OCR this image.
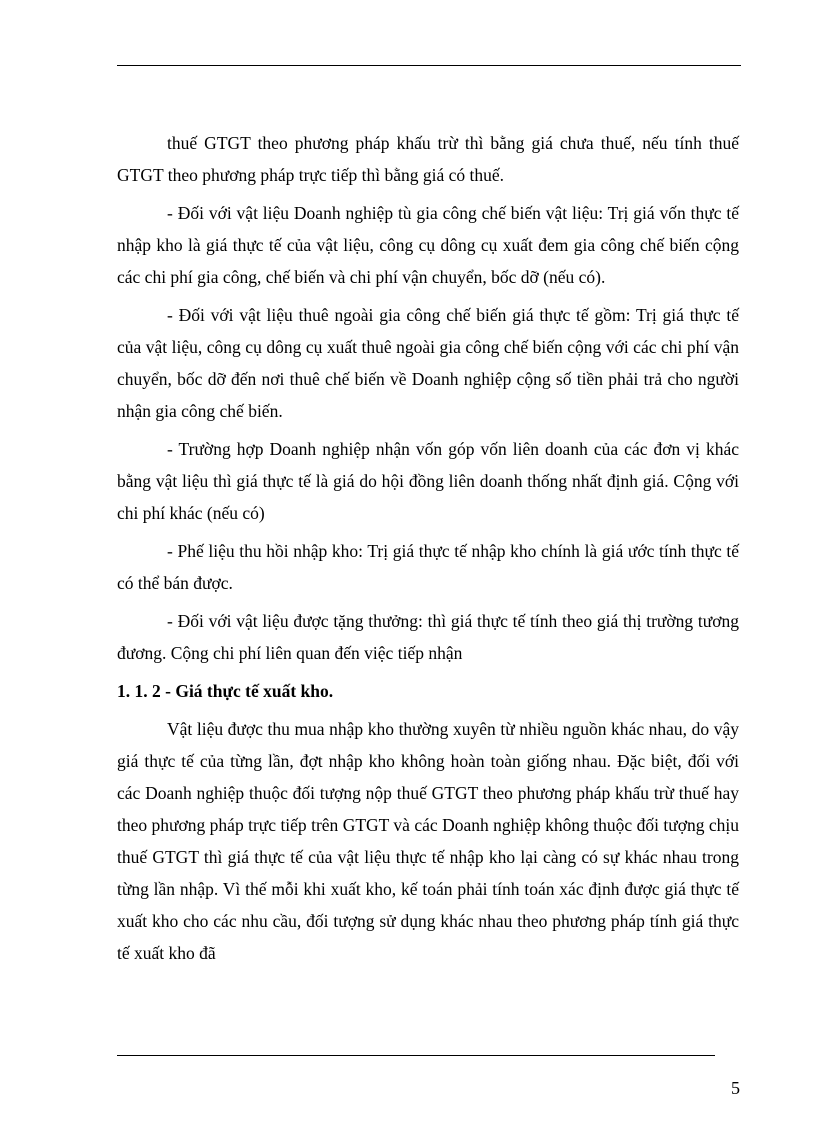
thuế GTGT theo phương pháp khấu trừ thì bằng giá chưa thuế, nếu tính thuế GTGT theo phương pháp trực tiếp thì bằng giá có thuế.

- Đối với vật liệu Doanh nghiệp tù gia công chế biến vật liệu: Trị giá vốn thực tế nhập kho là giá thực tế của vật liệu, công cụ dông cụ xuất đem gia công chế biến cộng các chi phí gia công, chế biến và chi phí vận chuyển, bốc dỡ (nếu có).

- Đối với vật liệu thuê ngoài gia công chế biến giá thực tế gồm: Trị giá thực tế của vật liệu, công cụ dông cụ xuất thuê ngoài gia công chế biến cộng với các chi phí vận chuyển, bốc dỡ đến nơi thuê chế biến về Doanh nghiệp cộng số tiền phải trả cho người nhận gia công chế biến.

- Trường hợp Doanh nghiệp nhận vốn góp vốn liên doanh của các đơn vị khác bằng vật liệu thì giá thực tế là giá do hội đồng liên doanh thống nhất định giá. Cộng với chi phí khác (nếu có)

- Phế liệu thu hồi nhập kho: Trị giá thực tế nhập kho chính là giá ước tính thực tế có thể bán được.

- Đối với vật liệu được tặng thưởng: thì giá thực tế tính theo giá thị trường tương đương. Cộng chi phí liên quan đến việc tiếp nhận

1. 1. 2 - Giá thực tế xuất kho.

Vật liệu được thu mua nhập kho thường xuyên từ nhiều nguồn khác nhau, do vậy giá thực tế của từng lần, đợt nhập kho không hoàn toàn giống nhau. Đặc biệt, đối với các Doanh nghiệp thuộc đối tượng nộp thuế GTGT theo phương pháp khấu trừ thuế hay theo phương pháp trực tiếp trên GTGT và các Doanh nghiệp không thuộc đối tượng chịu thuế GTGT thì giá thực tế của vật liệu thực tế nhập kho lại càng có sự khác nhau trong từng lần nhập. Vì thế mỗi khi xuất kho, kế toán phải tính toán xác định được giá thực tế xuất kho cho các nhu cầu, đối tượng sử dụng khác nhau theo phương pháp tính giá thực tế xuất kho đã

5
